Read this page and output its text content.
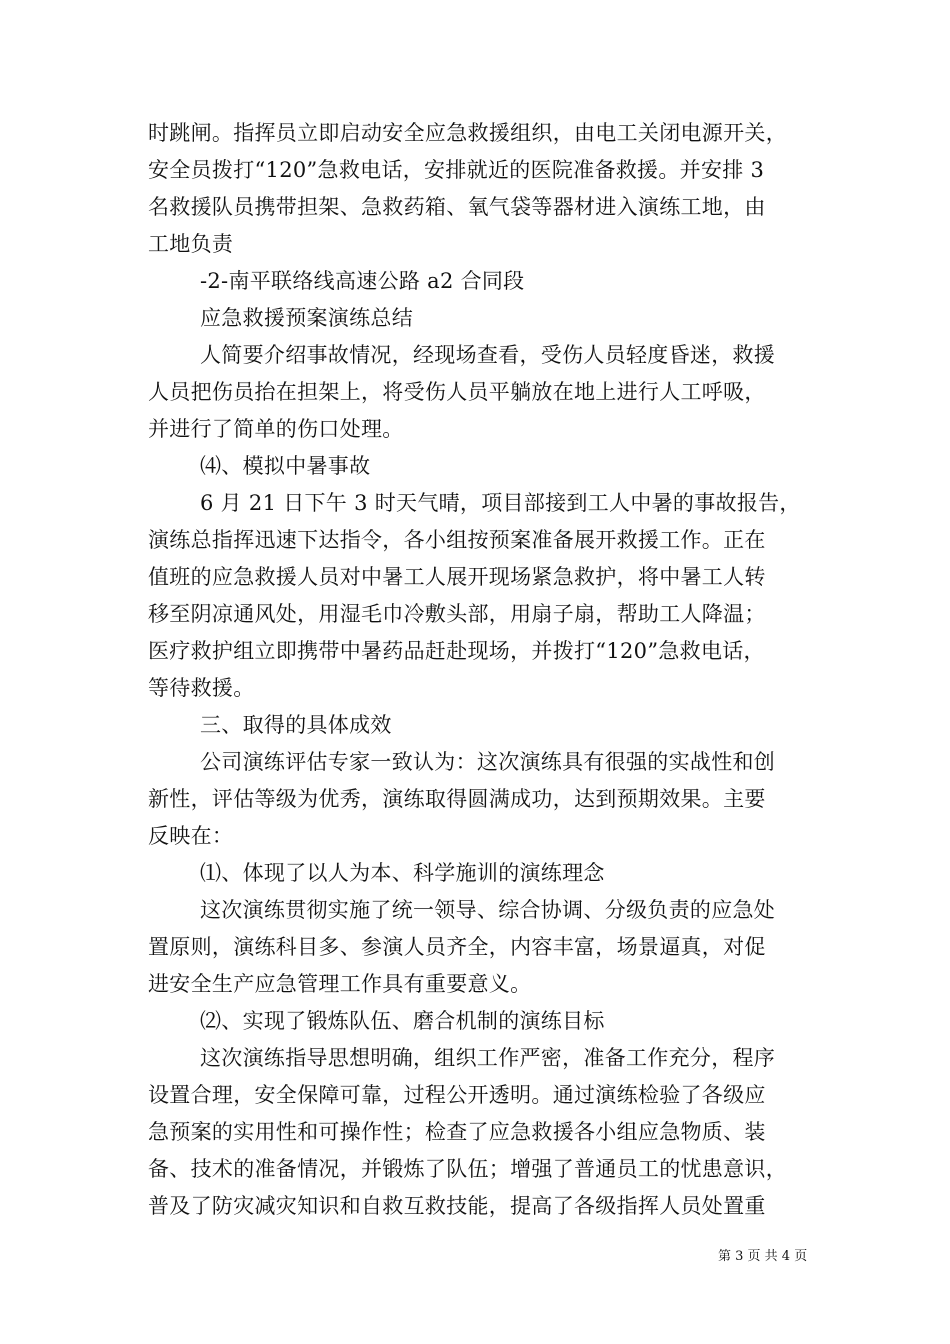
时跳闸。指挥员立即启动安全应急救援组织，由电工关闭电源开关，
安全员拨打“120”急救电话，安排就近的医院准备救援。并安排 3
名救援队员携带担架、急救药箱、氧气袋等器材进入演练工地，由
工地负责
-2-南平联络线高速公路 a2 合同段
应急救援预案演练总结
人简要介绍事故情况，经现场查看，受伤人员轻度昏迷，救援
人员把伤员抬在担架上，将受伤人员平躺放在地上进行人工呼吸，
并进行了简单的伤口处理。
⑷、模拟中暑事故
6 月 21 日下午 3 时天气晴，项目部接到工人中暑的事故报告，
演练总指挥迅速下达指令，各小组按预案准备展开救援工作。正在
值班的应急救援人员对中暑工人展开现场紧急救护，将中暑工人转
移至阴凉通风处，用湿毛巾冷敷头部，用扇子扇，帮助工人降温；
医疗救护组立即携带中暑药品赶赴现场，并拨打“120”急救电话，
等待救援。
三、取得的具体成效
公司演练评估专家一致认为：这次演练具有很强的实战性和创
新性，评估等级为优秀，演练取得圆满成功，达到预期效果。主要
反映在：
⑴、体现了以人为本、科学施训的演练理念
这次演练贯彻实施了统一领导、综合协调、分级负责的应急处
置原则，演练科目多、参演人员齐全，内容丰富，场景逼真，对促
进安全生产应急管理工作具有重要意义。
⑵、实现了锻炼队伍、磨合机制的演练目标
这次演练指导思想明确，组织工作严密，准备工作充分，程序
设置合理，安全保障可靠，过程公开透明。通过演练检验了各级应
急预案的实用性和可操作性；检查了应急救援各小组应急物质、装
备、技术的准备情况，并锻炼了队伍；增强了普通员工的忧患意识，
普及了防灾减灾知识和自救互救技能，提高了各级指挥人员处置重
第 3 页 共 4 页
